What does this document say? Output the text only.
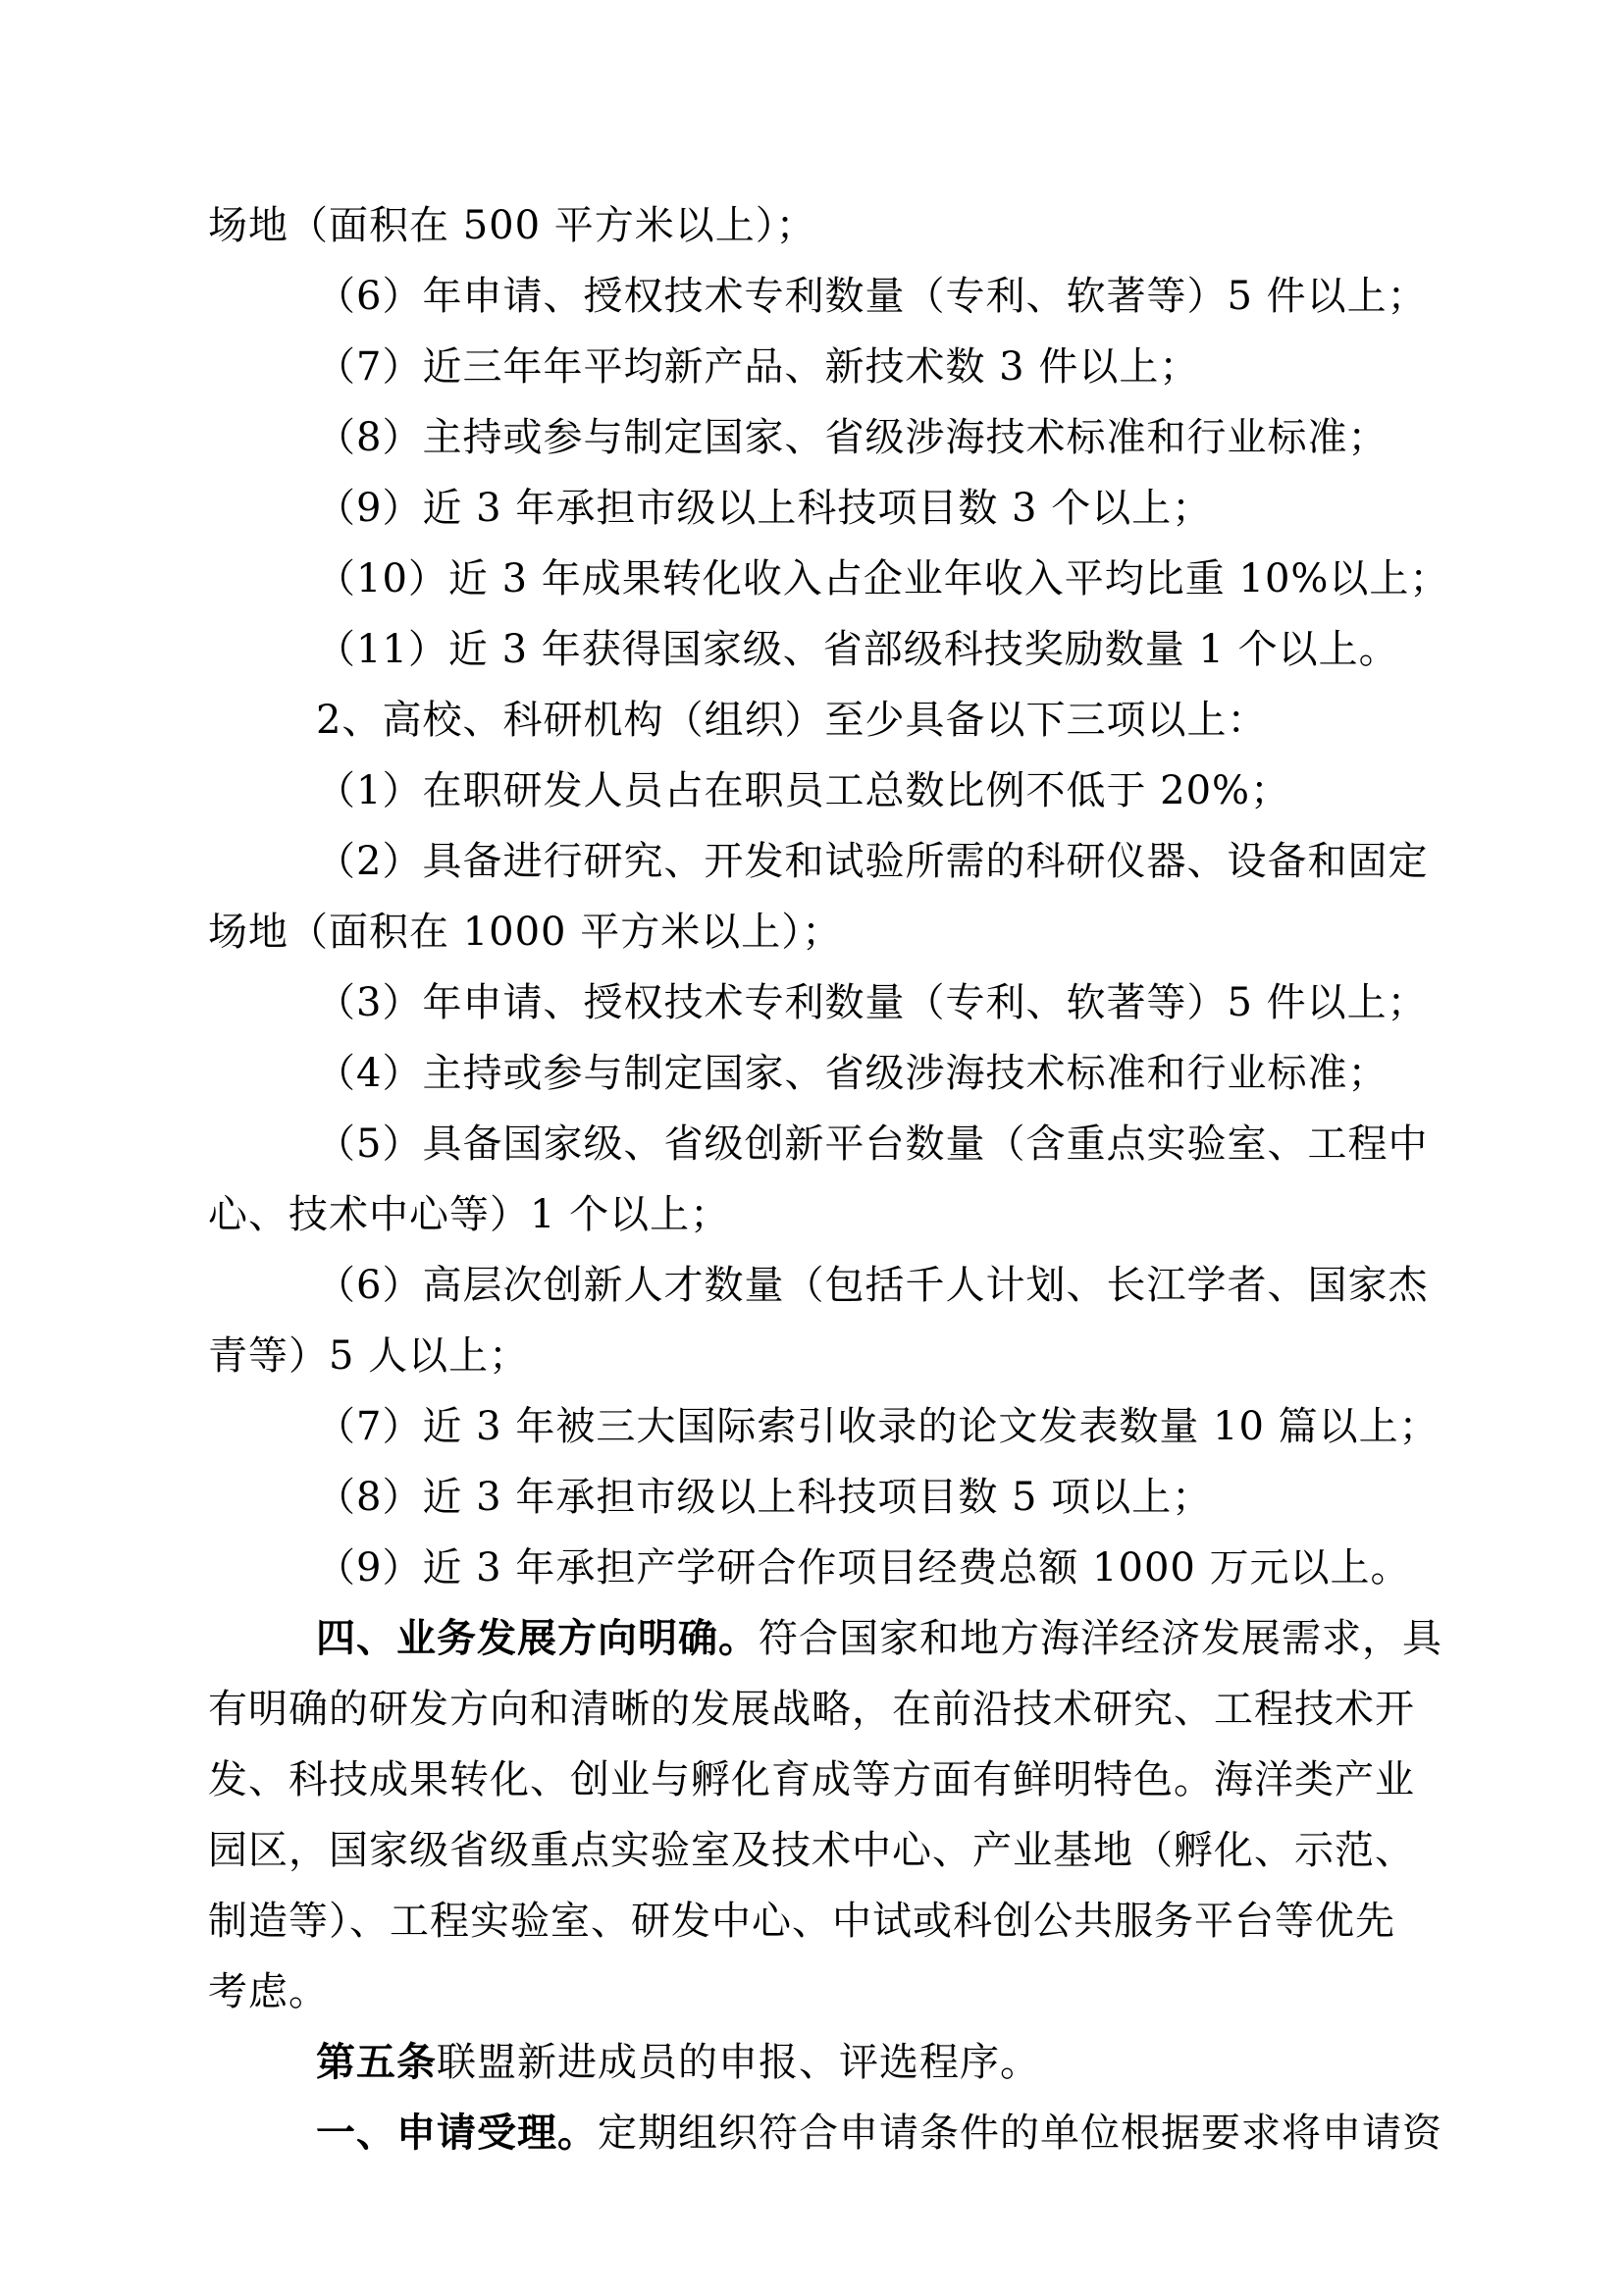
场地（面积在 500 平方米以上）；
（6）年申请、授权技术专利数量（专利、软著等）5 件以上；
（7）近三年年平均新产品、新技术数 3 件以上；
（8）主持或参与制定国家、省级涉海技术标准和行业标准；
（9）近 3 年承担市级以上科技项目数 3 个以上；
（10）近 3 年成果转化收入占企业年收入平均比重 10%以上；
（11）近 3 年获得国家级、省部级科技奖励数量 1 个以上。
2、高校、科研机构（组织）至少具备以下三项以上：
（1）在职研发人员占在职员工总数比例不低于 20%；
（2）具备进行研究、开发和试验所需的科研仪器、设备和固定
场地（面积在 1000 平方米以上）；
（3）年申请、授权技术专利数量（专利、软著等）5 件以上；
（4）主持或参与制定国家、省级涉海技术标准和行业标准；
（5）具备国家级、省级创新平台数量（含重点实验室、工程中
心、技术中心等）1 个以上；
（6）高层次创新人才数量（包括千人计划、长江学者、国家杰
青等）5 人以上；
（7）近 3 年被三大国际索引收录的论文发表数量 10 篇以上；
（8）近 3 年承担市级以上科技项目数 5 项以上；
（9）近 3 年承担产学研合作项目经费总额 1000 万元以上。
四、业务发展方向明确。符合国家和地方海洋经济发展需求，具
有明确的研发方向和清晰的发展战略，在前沿技术研究、工程技术开
发、科技成果转化、创业与孵化育成等方面有鲜明特色。海洋类产业
园区，国家级省级重点实验室及技术中心、产业基地（孵化、示范、
制造等）、工程实验室、研发中心、中试或科创公共服务平台等优先
考虑。
第五条联盟新进成员的申报、评选程序。
一、申请受理。定期组织符合申请条件的单位根据要求将申请资
